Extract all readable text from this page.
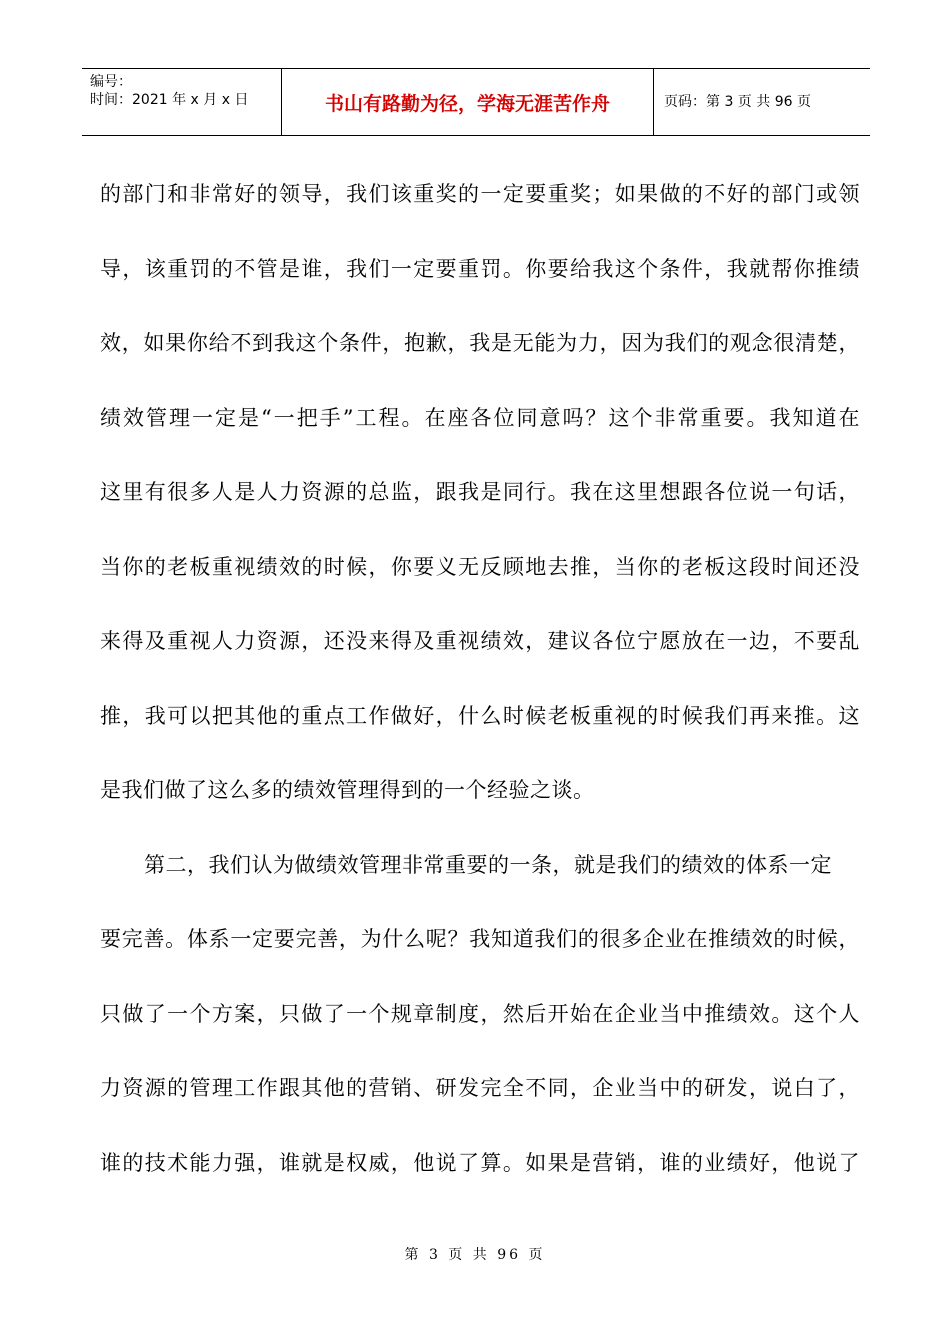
编号：
时间：2021 年 x 月 x 日	书山有路勤为径，学海无涯苦作舟	页码：第 3 页 共 96 页
的部门和非常好的领导，我们该重奖的一定要重奖；如果做的不好的部门或领
导，该重罚的不管是谁，我们一定要重罚。你要给我这个条件，我就帮你推绩
效，如果你给不到我这个条件，抱歉，我是无能为力，因为我们的观念很清楚，
绩效管理一定是“一把手”工程。在座各位同意吗？这个非常重要。我知道在
这里有很多人是人力资源的总监，跟我是同行。我在这里想跟各位说一句话，
当你的老板重视绩效的时候，你要义无反顾地去推，当你的老板这段时间还没
来得及重视人力资源，还没来得及重视绩效，建议各位宁愿放在一边，不要乱
推，我可以把其他的重点工作做好，什么时候老板重视的时候我们再来推。这
是我们做了这么多的绩效管理得到的一个经验之谈。
第二，我们认为做绩效管理非常重要的一条，就是我们的绩效的体系一定
要完善。体系一定要完善，为什么呢？我知道我们的很多企业在推绩效的时候，
只做了一个方案，只做了一个规章制度，然后开始在企业当中推绩效。这个人
力资源的管理工作跟其他的营销、研发完全不同，企业当中的研发，说白了，
谁的技术能力强，谁就是权威，他说了算。如果是营销，谁的业绩好，他说了
第 3 页 共 96 页
